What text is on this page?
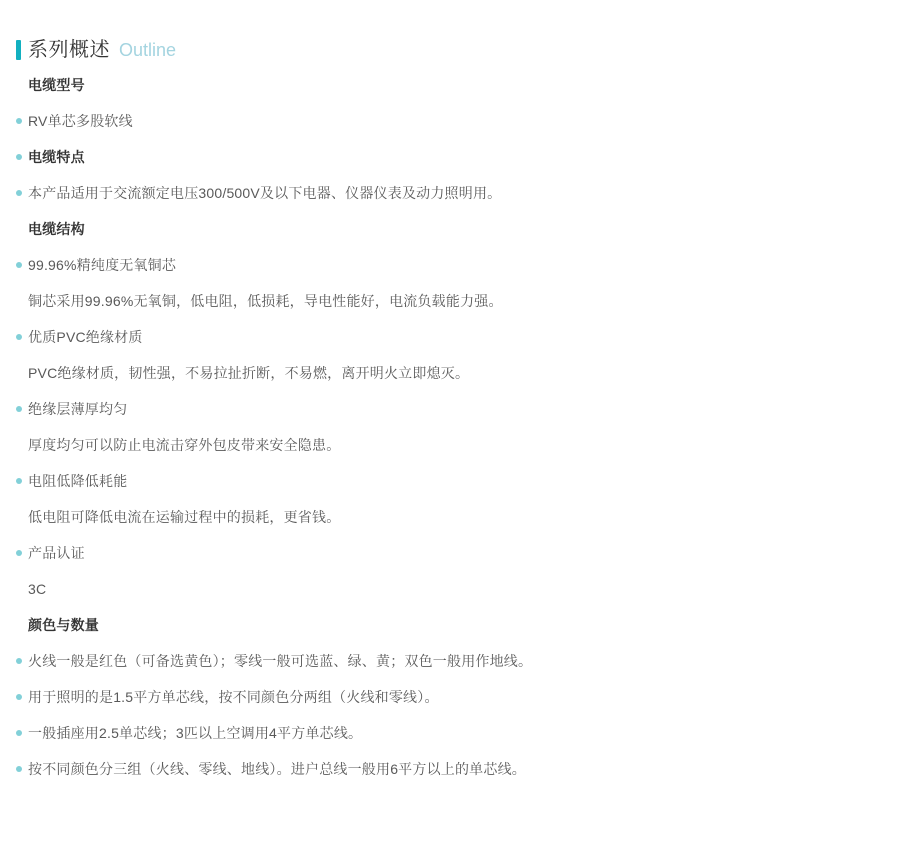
系列概述 Outline
电缆型号
RV单芯多股软线
电缆特点
本产品适用于交流额定电压300/500V及以下电器、仪器仪表及动力照明用。
电缆结构
99.96%精纯度无氧铜芯
铜芯采用99.96%无氧铜，低电阻，低损耗，导电性能好，电流负载能力强。
优质PVC绝缘材质
PVC绝缘材质，韧性强，不易拉扯折断，不易燃，离开明火立即熄灭。
绝缘层薄厚均匀
厚度均匀可以防止电流击穿外包皮带来安全隐患。
电阻低降低耗能
低电阻可降低电流在运输过程中的损耗，更省钱。
产品认证
3C
颜色与数量
火线一般是红色（可备选黄色）；零线一般可选蓝、绿、黄；双色一般用作地线。
用于照明的是1.5平方单芯线，按不同颜色分两组（火线和零线）。
一般插座用2.5单芯线；3匹以上空调用4平方单芯线。
按不同颜色分三组（火线、零线、地线）。进户总线一般用6平方以上的单芯线。
